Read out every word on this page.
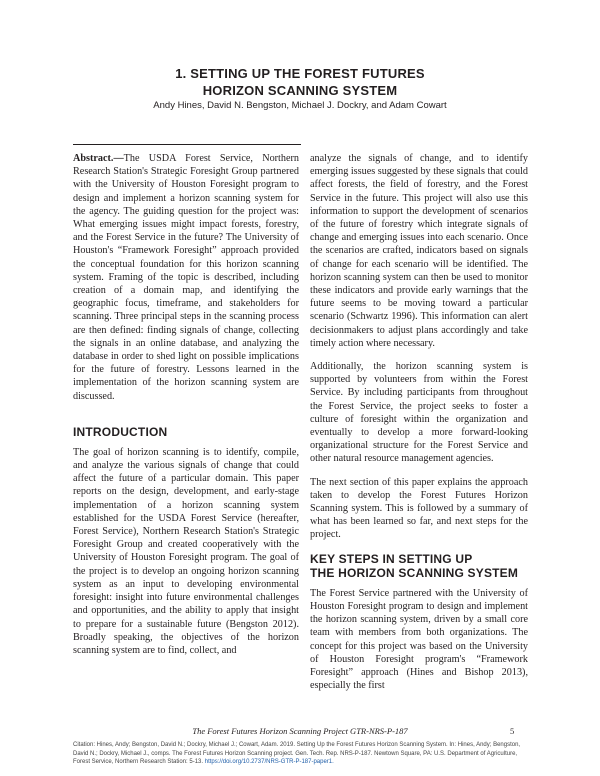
1. SETTING UP THE FOREST FUTURES
HORIZON SCANNING SYSTEM
Andy Hines, David N. Bengston, Michael J. Dockry, and Adam Cowart

Abstract.—The USDA Forest Service, Northern Research Station's Strategic Foresight Group partnered with the University of Houston Foresight program to design and implement a horizon scanning system for the agency. The guiding question for the project was: What emerging issues might impact forests, forestry, and the Forest Service in the future? The University of Houston's “Framework Foresight” approach provided the conceptual foundation for this horizon scanning system. Framing of the topic is described, including creation of a domain map, and identifying the geographic focus, timeframe, and stakeholders for scanning. Three principal steps in the scanning process are then defined: finding signals of change, collecting the signals in an online database, and analyzing the database in order to shed light on possible implications for the future of forestry. Lessons learned in the implementation of the horizon scanning system are discussed.

INTRODUCTION

The goal of horizon scanning is to identify, compile, and analyze the various signals of change that could affect the future of a particular domain. This paper reports on the design, development, and early-stage implementation of a horizon scanning system established for the USDA Forest Service (hereafter, Forest Service), Northern Research Station's Strategic Foresight Group and created cooperatively with the University of Houston Foresight program. The goal of the project is to develop an ongoing horizon scanning system as an input to developing environmental foresight: insight into future environmental challenges and opportunities, and the ability to apply that insight to prepare for a sustainable future (Bengston 2012). Broadly speaking, the objectives of the horizon scanning system are to find, collect, and

analyze the signals of change, and to identify emerging issues suggested by these signals that could affect forests, the field of forestry, and the Forest Service in the future. This project will also use this information to support the development of scenarios of the future of forestry which integrate signals of change and emerging issues into each scenario. Once the scenarios are crafted, indicators based on signals of change for each scenario will be identified. The horizon scanning system can then be used to monitor these indicators and provide early warnings that the future seems to be moving toward a particular scenario (Schwartz 1996). This information can alert decisionmakers to adjust plans accordingly and take timely action where necessary.

Additionally, the horizon scanning system is supported by volunteers from within the Forest Service. By including participants from throughout the Forest Service, the project seeks to foster a culture of foresight within the organization and eventually to develop a more forward-looking organizational structure for the Forest Service and other natural resource management agencies.

The next section of this paper explains the approach taken to develop the Forest Futures Horizon Scanning system. This is followed by a summary of what has been learned so far, and next steps for the project.

KEY STEPS IN SETTING UP
THE HORIZON SCANNING SYSTEM

The Forest Service partnered with the University of Houston Foresight program to design and implement the horizon scanning system, driven by a small core team with members from both organizations. The concept for this project was based on the University of Houston Foresight program's “Framework Foresight” approach (Hines and Bishop 2013), especially the first

The Forest Futures Horizon Scanning Project GTR-NRS-P-187	5
Citation: Hines, Andy; Bengston, David N.; Dockry, Michael J.; Cowart, Adam. 2019. Setting Up the Forest Futures Horizon Scanning System. In: Hines, Andy; Bengston, David N.; Dockry, Michael J., comps. The Forest Futures Horizon Scanning project. Gen. Tech. Rep. NRS-P-187. Newtown Square, PA: U.S. Department of Agriculture, Forest Service, Northern Research Station: 5-13. https://doi.org/10.2737/NRS-GTR-P-187-paper1.
